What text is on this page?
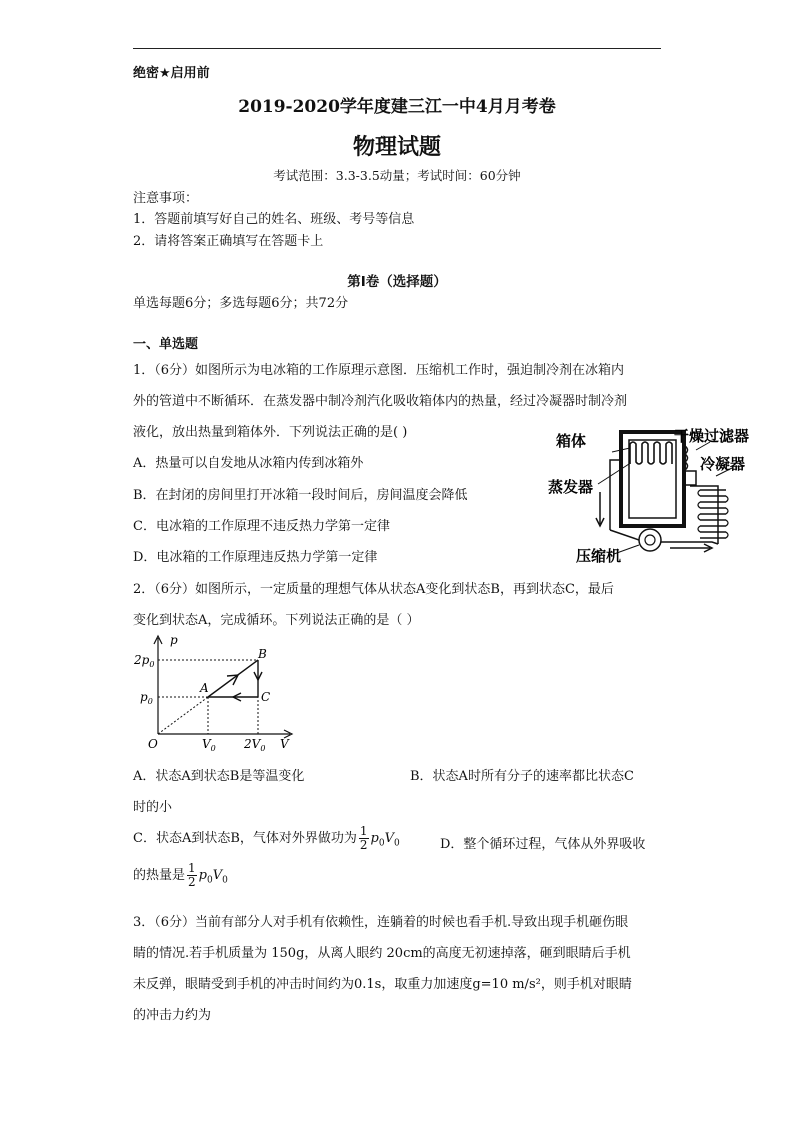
绝密★启用前
2019-2020学年度建三江一中4月月考卷
物理试题
考试范围：3.3-3.5动量；考试时间：60分钟
注意事项：
1．答题前填写好自己的姓名、班级、考号等信息
2．请将答案正确填写在答题卡上
第I卷（选择题）
单选每题6分；多选每题6分；共72分
一、单选题
1．（6分）如图所示为电冰箱的工作原理示意图．压缩机工作时，强迫制冷剂在冰箱内
外的管道中不断循环．在蒸发器中制冷剂汽化吸收箱体内的热量，经过冷凝器时制冷剂
液化，放出热量到箱体外．下列说法正确的是( )
A．热量可以自发地从冰箱内传到冰箱外
B．在封闭的房间里打开冰箱一段时间后，房间温度会降低
C．电冰箱的工作原理不违反热力学第一定律
D．电冰箱的工作原理违反热力学第一定律
箱体	干燥过滤器
冷凝器
蒸发器
压缩机
2．（6分）如图所示，一定质量的理想气体从状态A变化到状态B，再到状态C，最后
变化到状态A，完成循环。下列说法正确的是（ ）
p
$2p_0$
$p_0$
O	$V_0$ $2V_0$ V
A
B
C
A．状态A到状态B是等温变化	B．状态A时所有分子的速率都比状态C
时的小
C．状态A到状态B，气体对外界做功为 $\frac{1}{2} p_0V_0$	D．整个循环过程，气体从外界吸收
的热量是 $\frac{1}{2} p_0V_0$
3．（6分）当前有部分人对手机有依赖性，连躺着的时候也看手机.导致出现手机砸伤眼
睛的情况.若手机质量为 150g，从离人眼约 20cm的高度无初速掉落，砸到眼睛后手机
未反弹，眼睛受到手机的冲击时间约为0.1s，取重力加速度g=10 m/s²，则手机对眼睛
的冲击力约为
